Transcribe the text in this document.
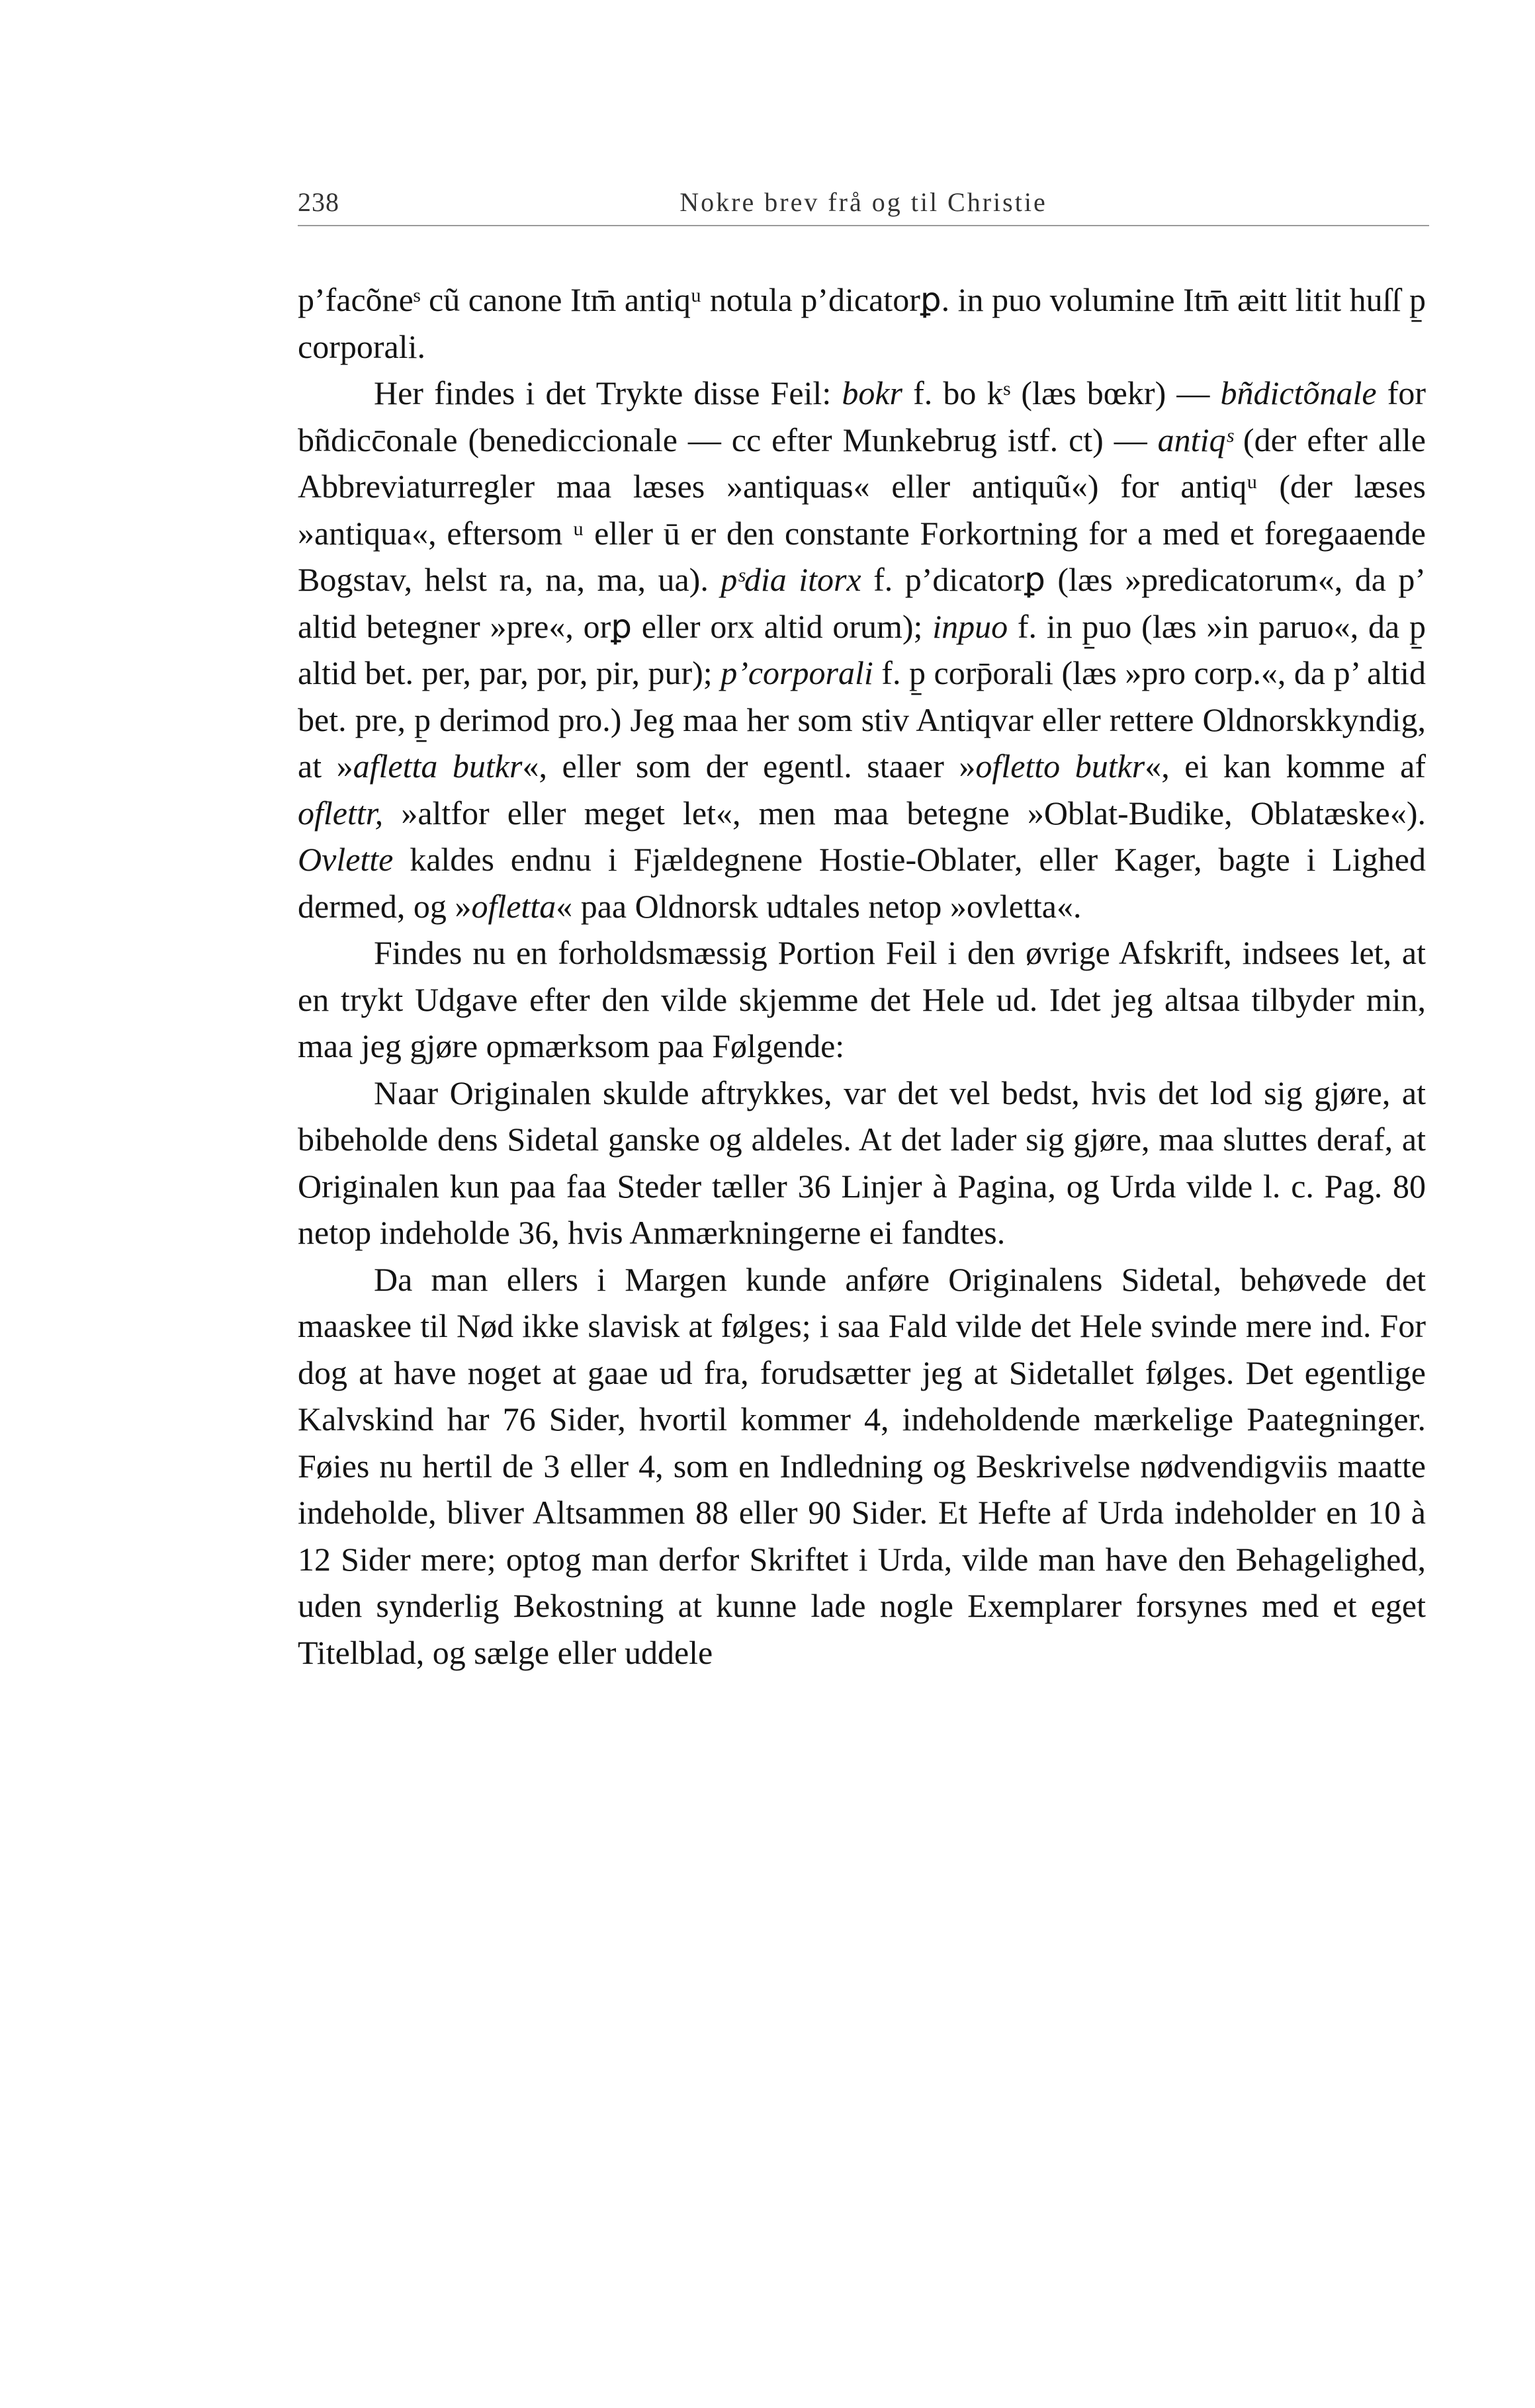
238	Nokre brev frå og til Christie

p’facõneˢ cũ canone Itm̄ antiqᵘ notula p’dicatorꝑ. in puo volumine Itm̄ æitt litit huſſ p̱ corporali.

Her findes i det Trykte disse Feil: bokr f. bo kˢ (læs bœkr) — bñdictõnale for bñdicc̄onale (benediccionale — cc efter Munkebrug istf. ct) — antiqˢ (der efter alle Abbreviaturregler maa læses »antiquas« eller antiquũ«) for antiqᵘ (der læses »antiqua«, eftersom ᵘ eller ū er den constante Forkortning for a med et foregaaende Bogstav, helst ra, na, ma, ua). pˢdia itorx f. p’dicatorꝑ (læs »predicatorum«, da p’ altid betegner »pre«, orꝑ eller orx altid orum); inpuo f. in p̱uo (læs »in paruo«, da p̱ altid bet. per, par, por, pir, pur); p’corporali f. p̱ corp̄orali (læs »pro corp.«, da p’ altid bet. pre, p̱ derimod pro.) Jeg maa her som stiv Antiqvar eller rettere Oldnorskkyndig, at »afletta butkr«, eller som der egentl. staaer »ofletto butkr«, ei kan komme af oflettr, »altfor eller meget let«, men maa betegne »Oblat-Budike, Oblatæske«). Ovlette kaldes endnu i Fjældegnene Hostie-Oblater, eller Kager, bagte i Lighed dermed, og »ofletta« paa Oldnorsk udtales netop »ovletta«.

Findes nu en forholdsmæssig Portion Feil i den øvrige Afskrift, indsees let, at en trykt Udgave efter den vilde skjemme det Hele ud. Idet jeg altsaa tilbyder min, maa jeg gjøre opmærksom paa Følgende:

Naar Originalen skulde aftrykkes, var det vel bedst, hvis det lod sig gjøre, at bibeholde dens Sidetal ganske og aldeles. At det lader sig gjøre, maa sluttes deraf, at Originalen kun paa faa Steder tæller 36 Linjer à Pagina, og Urda vilde l. c. Pag. 80 netop indeholde 36, hvis Anmærkningerne ei fandtes.

Da man ellers i Margen kunde anføre Originalens Sidetal, behøvede det maaskee til Nød ikke slavisk at følges; i saa Fald vilde det Hele svinde mere ind. For dog at have noget at gaae ud fra, forudsætter jeg at Sidetallet følges. Det egentlige Kalvskind har 76 Sider, hvortil kommer 4, indeholdende mærkelige Paategninger. Føies nu hertil de 3 eller 4, som en Indledning og Beskrivelse nødvendigviis maatte indeholde, bliver Altsammen 88 eller 90 Sider. Et Hefte af Urda indeholder en 10 à 12 Sider mere; optog man derfor Skriftet i Urda, vilde man have den Behagelighed, uden synderlig Bekostning at kunne lade nogle Exemplarer forsynes med et eget Titelblad, og sælge eller uddele
